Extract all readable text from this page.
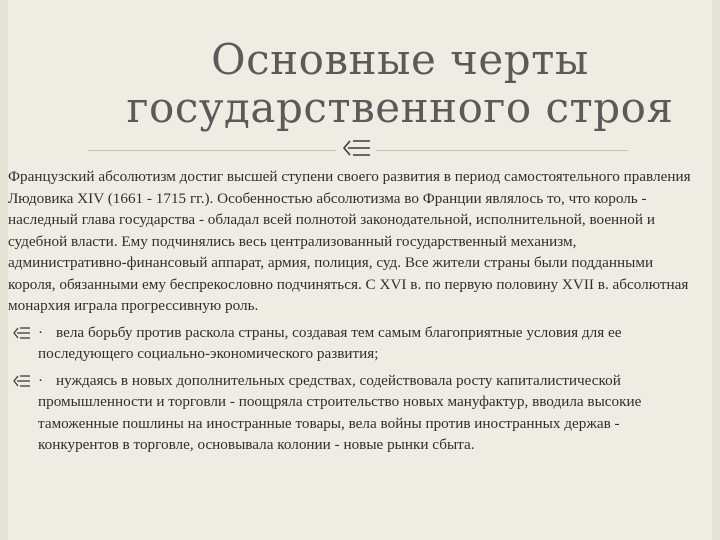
Основные черты
государственного строя

Французский абсолютизм достиг высшей ступени своего развития в период самостоятельного правления Людовика XIV (1661 - 1715 гг.). Особенностью абсолютизма во Франции являлось то, что король - наследный глава государства - обладал всей полнотой законодательной, исполнительной, военной и судебной власти. Ему подчинялись весь централизованный государственный механизм, административно-финансовый аппарат, армия, полиция, суд. Все жители страны были подданными короля, обязанными ему беспрекословно подчиняться. С XVI в. по первую половину XVII в. абсолютная монархия играла прогрессивную роль.

· вела борьбу против раскола страны, создавая тем самым благоприятные условия для ее последующего социально-экономического развития;
· нуждаясь в новых дополнительных средствах, содействовала росту капиталистической промышленности и торговли - поощряла строительство новых мануфактур, вводила высокие таможенные пошлины на иностранные товары, вела войны против иностранных держав - конкурентов в торговле, основывала колонии - новые рынки сбыта.
